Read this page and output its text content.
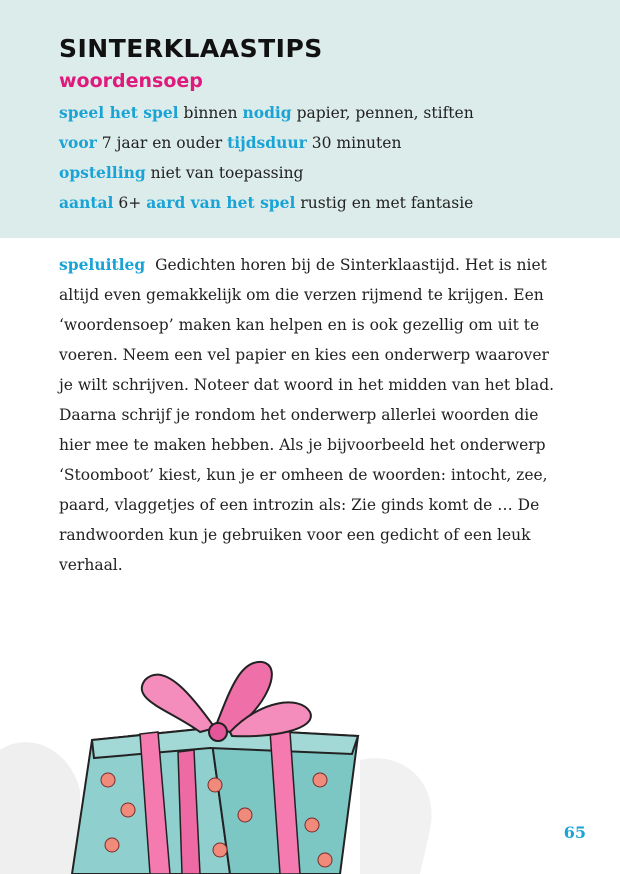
SINTERKLAASTIPS
woordensoep
speel het spel binnen nodig papier, pennen, stiften
voor 7 jaar en ouder tijdsduur 30 minuten
opstelling niet van toepassing
aantal 6+ aard van het spel rustig en met fantasie
speluitleg Gedichten horen bij de Sinterklaastijd. Het is niet
altijd even gemakkelijk om die verzen rijmend te krijgen. Een
‘woordensoep’ maken kan helpen en is ook gezellig om uit te
voeren. Neem een vel papier en kies een onderwerp waarover
je wilt schrijven. Noteer dat woord in het midden van het blad.
Daarna schrijf je rondom het onderwerp allerlei woorden die
hier mee te maken hebben. Als je bijvoorbeeld het onderwerp
‘Stoomboot’ kiest, kun je er omheen de woorden: intocht, zee,
paard, vlaggetjes of een introzin als: Zie ginds komt de … De
randwoorden kun je gebruiken voor een gedicht of een leuk
verhaal.
65
